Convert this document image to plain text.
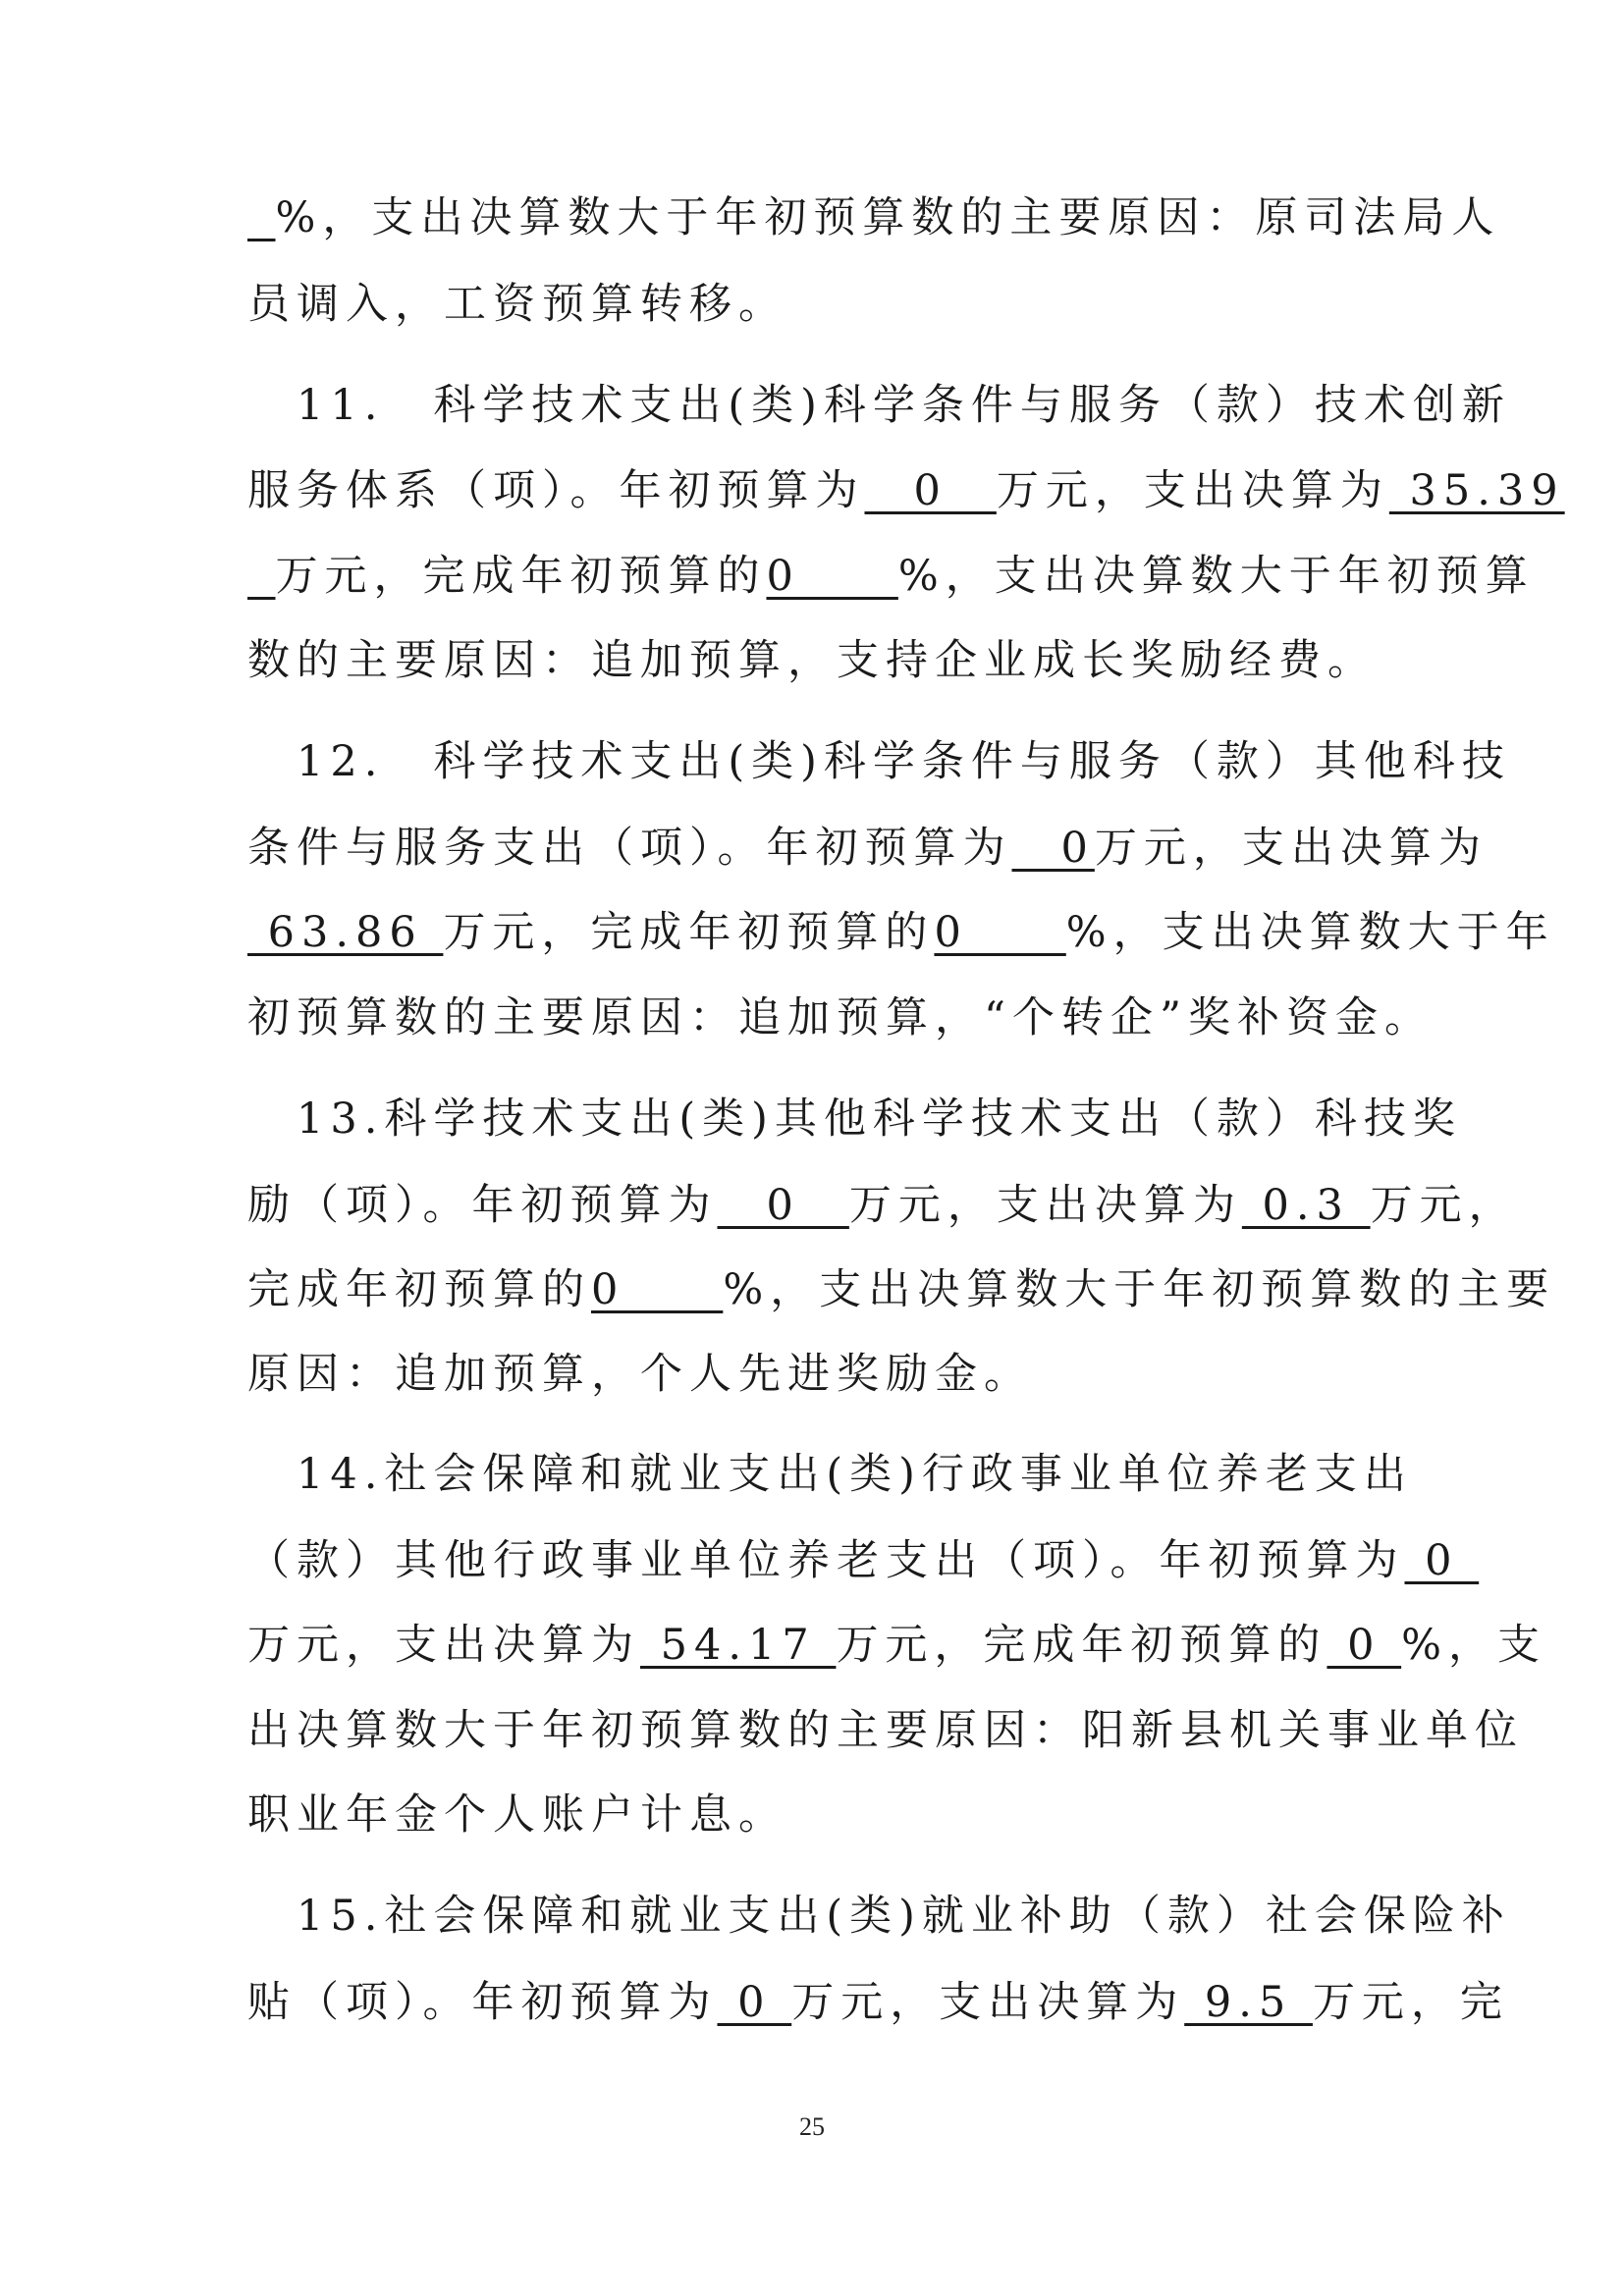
_%，支出决算数大于年初预算数的主要原因：原司法局人
员调入，工资预算转移。
　11.　科学技术支出(类)科学条件与服务（款）技术创新
服务体系（项）。年初预算为　0　万元，支出决算为 35.39
_万元，完成年初预算的0　　%，支出决算数大于年初预算
数的主要原因：追加预算，支持企业成长奖励经费。
　12.　科学技术支出(类)科学条件与服务（款）其他科技
条件与服务支出（项）。年初预算为　0万元，支出决算为
63.86 万元，完成年初预算的0　　%，支出决算数大于年
初预算数的主要原因：追加预算，“个转企”奖补资金。
　13.科学技术支出(类)其他科学技术支出（款）科技奖
励（项）。年初预算为　0　万元，支出决算为 0.3 万元，
完成年初预算的0　　%，支出决算数大于年初预算数的主要
原因：追加预算，个人先进奖励金。
　14.社会保障和就业支出(类)行政事业单位养老支出
（款）其他行政事业单位养老支出（项）。年初预算为 0
万元，支出决算为 54.17 万元，完成年初预算的 0 %，支
出决算数大于年初预算数的主要原因：阳新县机关事业单位
职业年金个人账户计息。
　15.社会保障和就业支出(类)就业补助（款）社会保险补
贴（项）。年初预算为 0 万元，支出决算为 9.5 万元，完
25
